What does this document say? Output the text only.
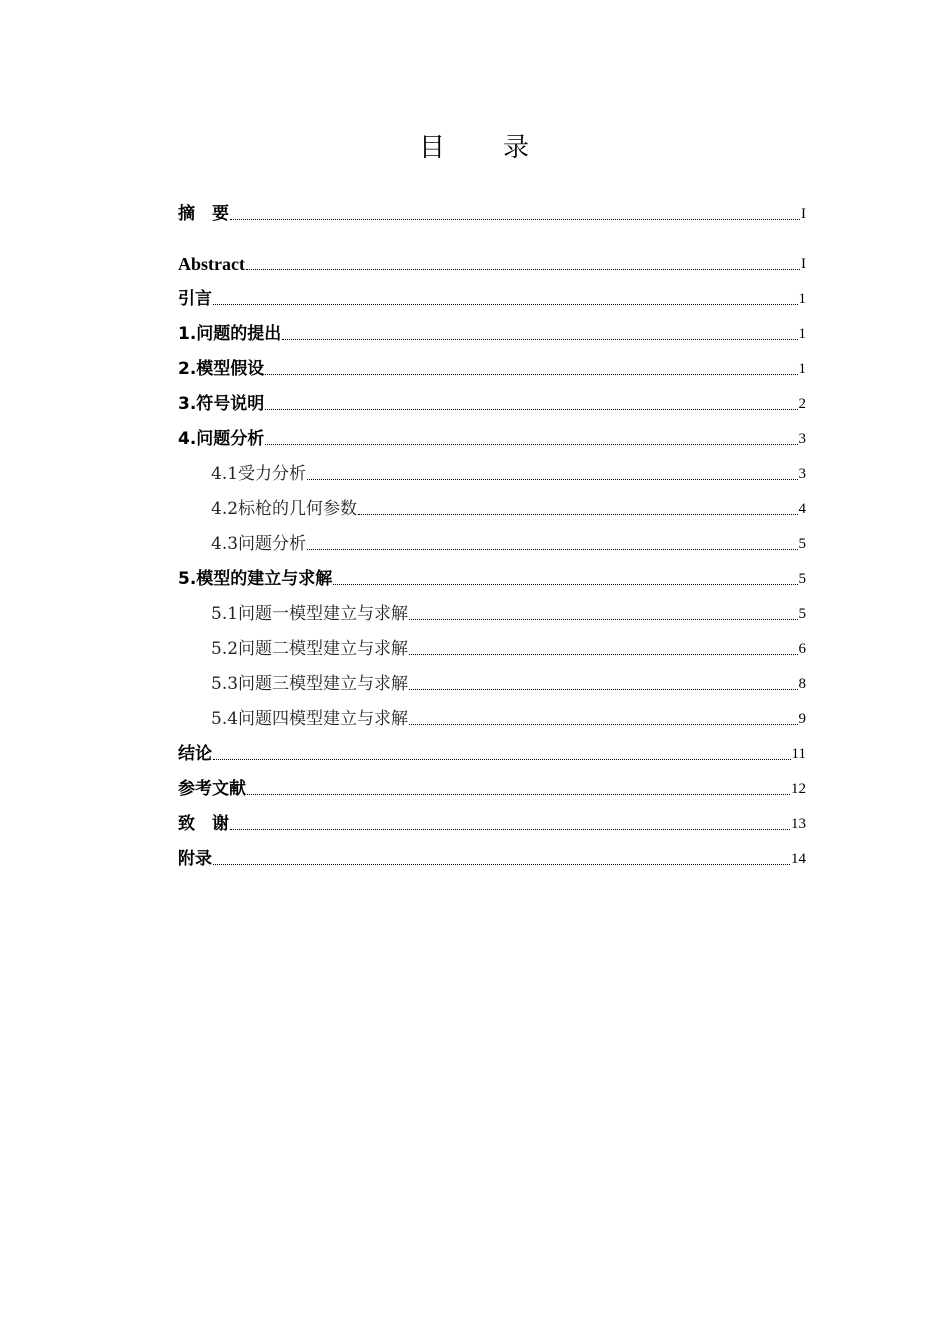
目　　录
摘　要	I
Abstract	I
引言	1
1.问题的提出	1
2.模型假设	1
3.符号说明	2
4.问题分析	3
4.1受力分析	3
4.2标枪的几何参数	4
4.3问题分析	5
5.模型的建立与求解	5
5.1问题一模型建立与求解	5
5.2问题二模型建立与求解	6
5.3问题三模型建立与求解	8
5.4问题四模型建立与求解	9
结论	11
参考文献	12
致　谢	13
附录	14
